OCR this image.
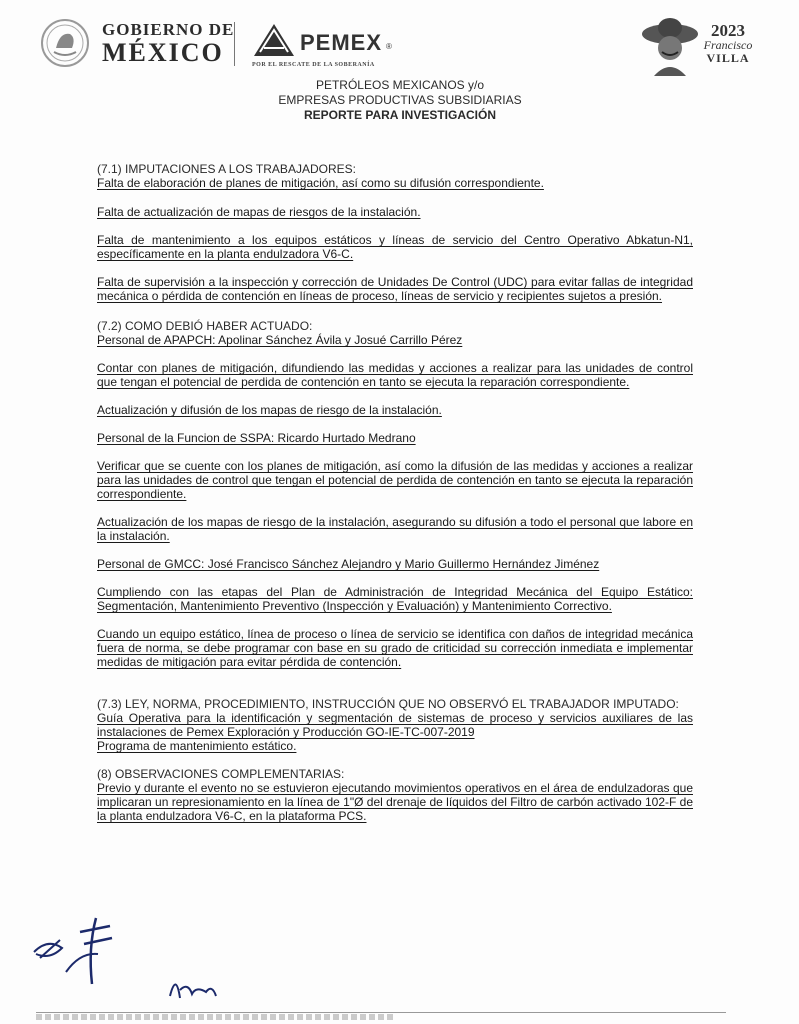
GOBIERNO DE
MÉXICO	PEMEX ®
POR EL RESCATE DE LA SOBERANÍA
2023
Francisco
VILLA
PETRÓLEOS MEXICANOS y/o
EMPRESAS PRODUCTIVAS SUBSIDIARIAS
REPORTE PARA INVESTIGACIÓN
(7.1) IMPUTACIONES A LOS TRABAJADORES:
Falta de elaboración de planes de mitigación, así como su difusión correspondiente.
Falta de actualización de mapas de riesgos de la instalación.
Falta de mantenimiento a los equipos estáticos y líneas de servicio del Centro Operativo Abkatun-N1, específicamente en la planta endulzadora V6-C.
Falta de supervisión a la inspección y corrección de Unidades De Control (UDC) para evitar fallas de integridad mecánica o pérdida de contención en líneas de proceso, líneas de servicio y recipientes sujetos a presión.
(7.2) COMO DEBIÓ HABER ACTUADO:
Personal de APAPCH: Apolinar Sánchez Ávila y Josué Carrillo Pérez
Contar con planes de mitigación, difundiendo las medidas y acciones a realizar para las unidades de control que tengan el potencial de perdida de contención en tanto se ejecuta la reparación correspondiente.
Actualización y difusión de los mapas de riesgo de la instalación.
Personal de la Funcion de SSPA: Ricardo Hurtado Medrano
Verificar que se cuente con los planes de mitigación, así como la difusión de las medidas y acciones a realizar para las unidades de control que tengan el potencial de perdida de contención en tanto se ejecuta la reparación correspondiente.
Actualización de los mapas de riesgo de la instalación, asegurando su difusión a todo el personal que labore en la instalación.
Personal de GMCC: José Francisco Sánchez Alejandro y Mario Guillermo Hernández Jiménez
Cumpliendo con las etapas del Plan de Administración de Integridad Mecánica del Equipo Estático: Segmentación, Mantenimiento Preventivo (Inspección y Evaluación) y Mantenimiento Correctivo.
Cuando un equipo estático, línea de proceso o línea de servicio se identifica con daños de integridad mecánica fuera de norma, se debe programar con base en su grado de criticidad su corrección inmediata e implementar medidas de mitigación para evitar pérdida de contención.
(7.3) LEY, NORMA, PROCEDIMIENTO, INSTRUCCIÓN QUE NO OBSERVÓ EL TRABAJADOR IMPUTADO:
Guía Operativa para la identificación y segmentación de sistemas de proceso y servicios auxiliares de las instalaciones de Pemex Exploración y Producción GO-IE-TC-007-2019
Programa de mantenimiento estático.
(8) OBSERVACIONES COMPLEMENTARIAS:
Previo y durante el evento no se estuvieron ejecutando movimientos operativos en el área de endulzadoras que implicaran un represionamiento en la línea de 1"Ø del drenaje de líquidos del Filtro de carbón activado 102-F de la planta endulzadora V6-C, en la plataforma PCS.
